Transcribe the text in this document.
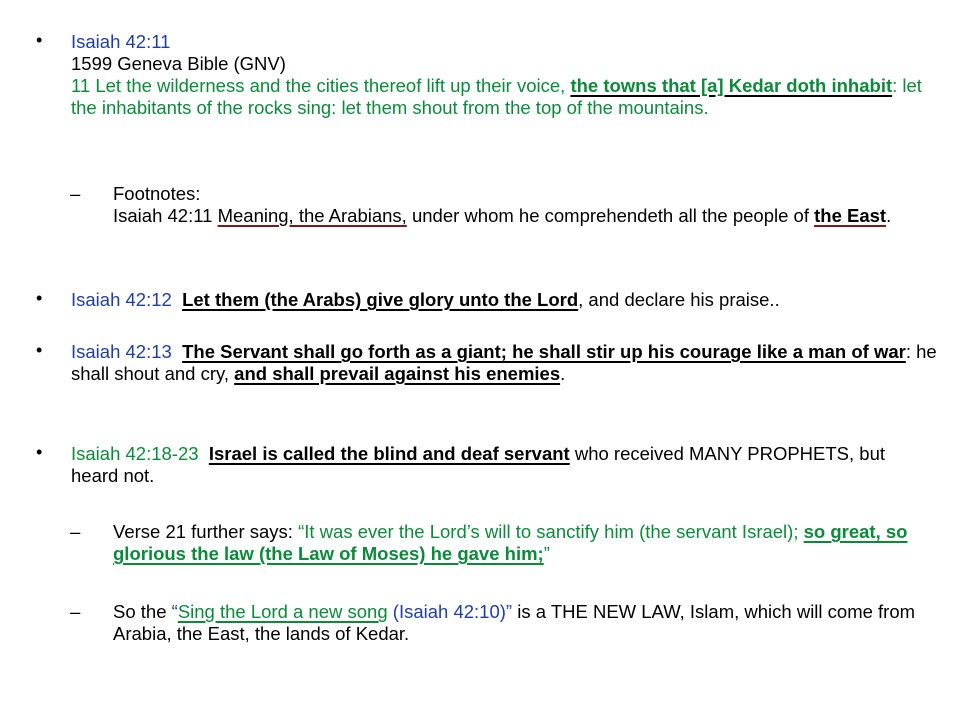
• Isaiah 42:11
1599 Geneva Bible (GNV)
11 Let the wilderness and the cities thereof lift up their voice, the towns that [a] Kedar doth inhabit: let the inhabitants of the rocks sing: let them shout from the top of the mountains.
– Footnotes:
Isaiah 42:11 Meaning, the Arabians, under whom he comprehendeth all the people of the East.
• Isaiah 42:12 Let them (the Arabs) give glory unto the Lord, and declare his praise..
• Isaiah 42:13 The Servant shall go forth as a giant; he shall stir up his courage like a man of war: he shall shout and cry, and shall prevail against his enemies.
• Isaiah 42:18-23 Israel is called the blind and deaf servant who received MANY PROPHETS, but heard not.
– Verse 21 further says: “It was ever the Lord’s will to sanctify him (the servant Israel); so great, so glorious the law (the Law of Moses) he gave him;”
– So the “Sing the Lord a new song (Isaiah 42:10)” is a THE NEW LAW, Islam, which will come from Arabia, the East, the lands of Kedar.
